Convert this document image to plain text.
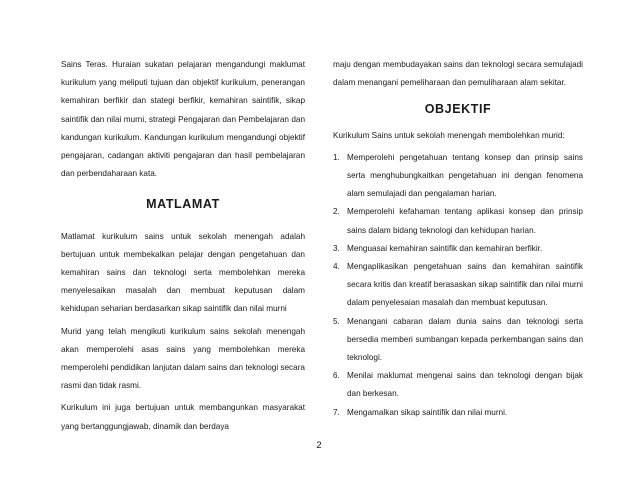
Sains Teras. Huraian sukatan pelajaran mengandungi maklumat kurikulum yang meliputi tujuan dan objektif kurikulum, penerangan kemahiran berfikir dan stategi berfikir, kemahiran saintifik, sikap saintifik dan nilai murni, strategi Pengajaran dan Pembelajaran dan kandungan kurikulum. Kandungan kurikulum mengandungi objektif pengajaran, cadangan aktiviti pengajaran dan hasil pembelajaran dan perbendaharaan kata.

MATLAMAT

Matlamat kurikulum sains untuk sekolah menengah adalah bertujuan untuk membekalkan pelajar dengan pengetahuan dan kemahiran sains dan teknologi serta membolehkan mereka menyelesaikan masalah dan membuat keputusan dalam kehidupan seharian berdasarkan sikap saintifik dan nilai murni

Murid yang telah mengikuti kurikulum sains sekolah menengah akan memperolehi asas sains yang membolehkan mereka memperolehi pendidikan lanjutan dalam sains dan teknologi secara rasmi dan tidak rasmi.

Kurikulum ini juga bertujuan untuk membangunkan masyarakat yang bertanggungjawab, dinamik dan berdaya

maju dengan membudayakan sains dan teknologi secara semulajadi dalam menangani pemeliharaan dan pemuliharaan alam sekitar.

OBJEKTIF

Kurikulum Sains untuk sekolah menengah membolehkan murid:

1. Memperolehi pengetahuan tentang konsep dan prinsip sains serta menghubungkaitkan pengetahuan ini dengan fenomena alam semulajadi dan pengalaman harian.
2. Memperolehi kefahaman tentang aplikasi konsep dan prinsip sains dalam bidang teknologi dan kehidupan harian.
3. Menguasai kemahiran saintifik dan kemahiran berfikir.
4. Mengaplikasikan pengetahuan sains dan kemahiran saintifik secara kritis dan kreatif berasaskan sikap saintifik dan nilai murni dalam penyelesaian masalah dan membuat keputusan.
5. Menangani cabaran dalam dunia sains dan teknologi serta bersedia memberi sumbangan kepada perkembangan sains dan teknologi.
6. Menilai maklumat mengenai sains dan teknologi dengan bijak dan berkesan.
7. Mengamalkan sikap saintifik dan nilai murni.
2
